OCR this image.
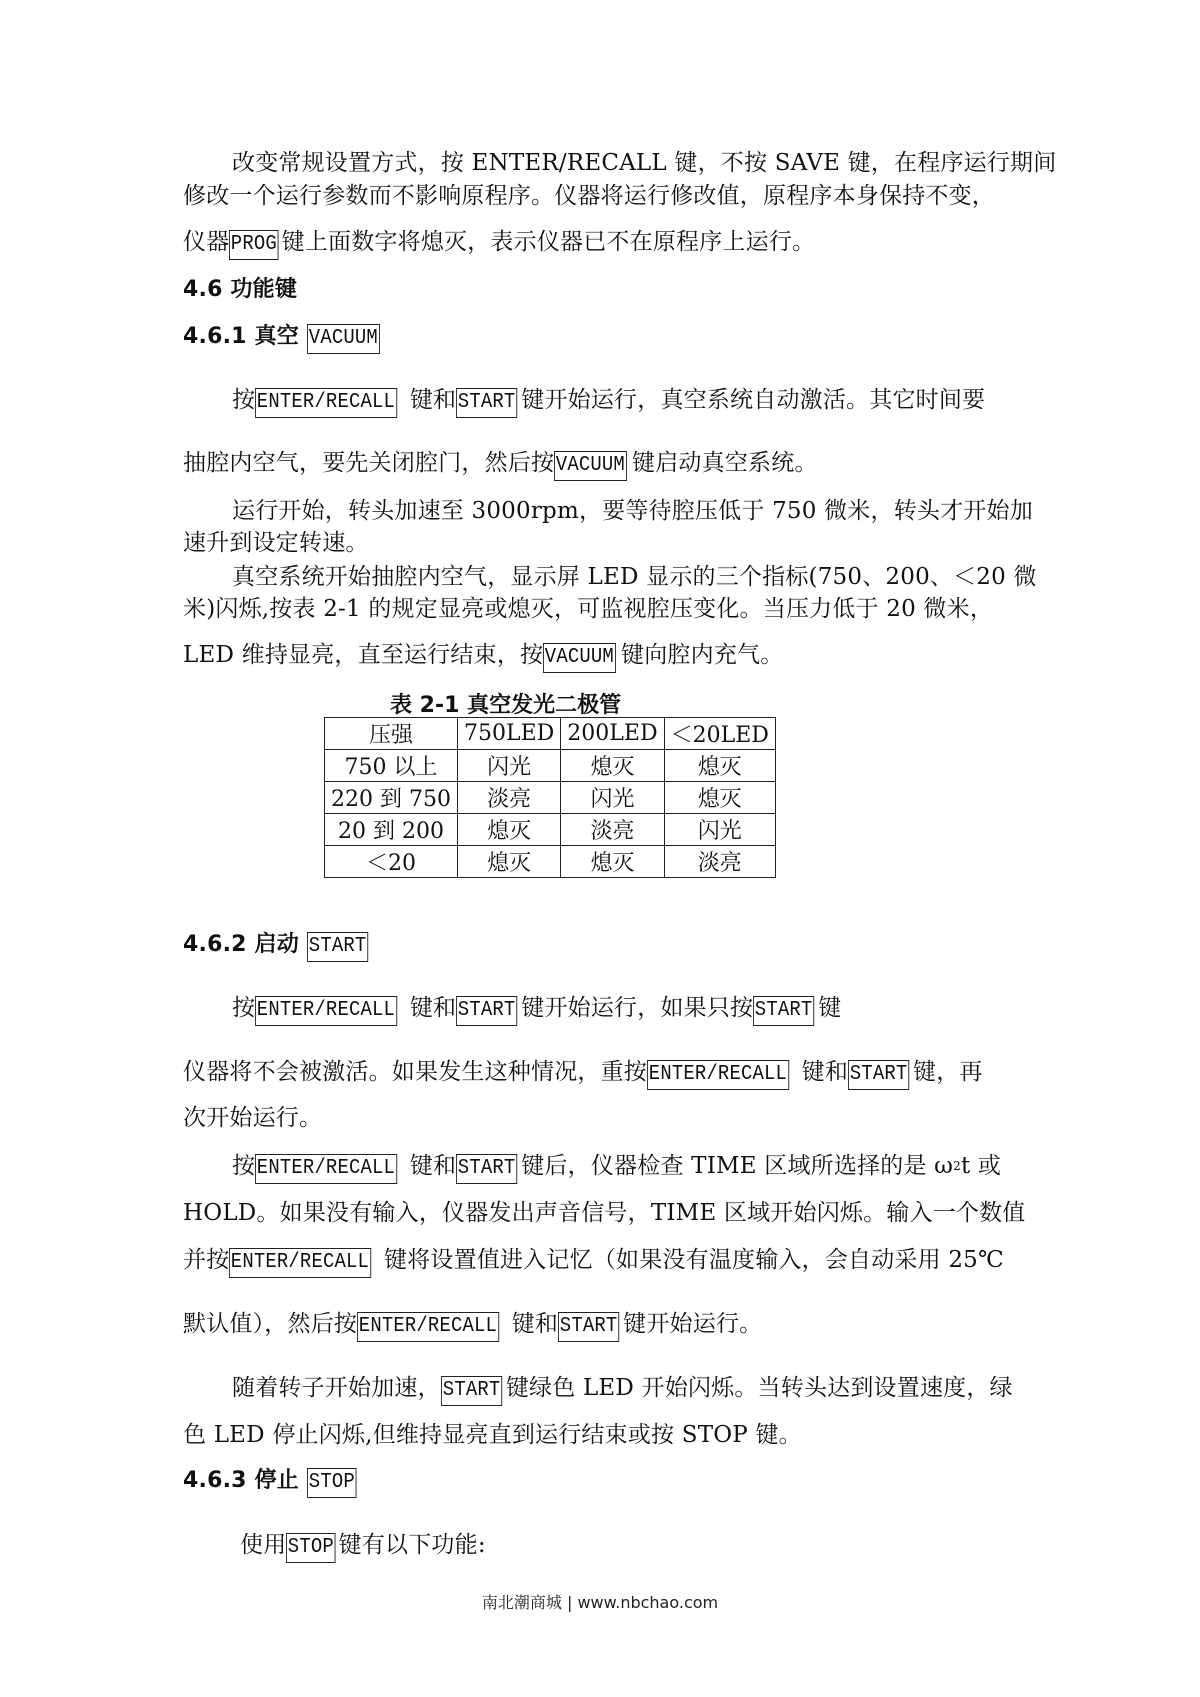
改变常规设置方式，按 ENTER/RECALL 键，不按 SAVE 键，在程序运行期间
修改一个运行参数而不影响原程序。仪器将运行修改值，原程序本身保持不变，
仪器PROG 键上面数字将熄灭，表示仪器已不在原程序上运行。
4.6 功能键
4.6.1 真空 VACUUM
按ENTER/RECALL 键和START 键开始运行，真空系统自动激活。其它时间要
抽腔内空气，要先关闭腔门，然后按VACUUM 键启动真空系统。
运行开始，转头加速至 3000rpm，要等待腔压低于 750 微米，转头才开始加
速升到设定转速。
真空系统开始抽腔内空气，显示屏 LED 显示的三个指标(750、200、＜20 微
米)闪烁,按表 2-1 的规定显亮或熄灭，可监视腔压变化。当压力低于 20 微米，
LED 维持显亮，直至运行结束，按VACUUM 键向腔内充气。
表 2-1 真空发光二极管
压强	750LED	200LED	＜20LED
750 以上	闪光	熄灭	熄灭
220 到 750	淡亮	闪光	熄灭
20 到 200	熄灭	淡亮	闪光
＜20	熄灭	熄灭	淡亮
4.6.2 启动 START
按ENTER/RECALL 键和START 键开始运行，如果只按START 键
仪器将不会被激活。如果发生这种情况，重按ENTER/RECALL 键和START 键，再
次开始运行。
按ENTER/RECALL 键和START 键后，仪器检查 TIME 区域所选择的是 $\omega^2t$ 或
HOLD。如果没有输入，仪器发出声音信号，TIME 区域开始闪烁。输入一个数值
并按ENTER/RECALL 键将设置值进入记忆（如果没有温度输入，会自动采用 25℃
默认值），然后按ENTER/RECALL 键和START 键开始运行。
随着转子开始加速，START 键绿色 LED 开始闪烁。当转头达到设置速度，绿
色 LED 停止闪烁,但维持显亮直到运行结束或按 STOP 键。
4.6.3 停止 STOP
使用STOP 键有以下功能:
南北潮商城 | www.nbchao.com
